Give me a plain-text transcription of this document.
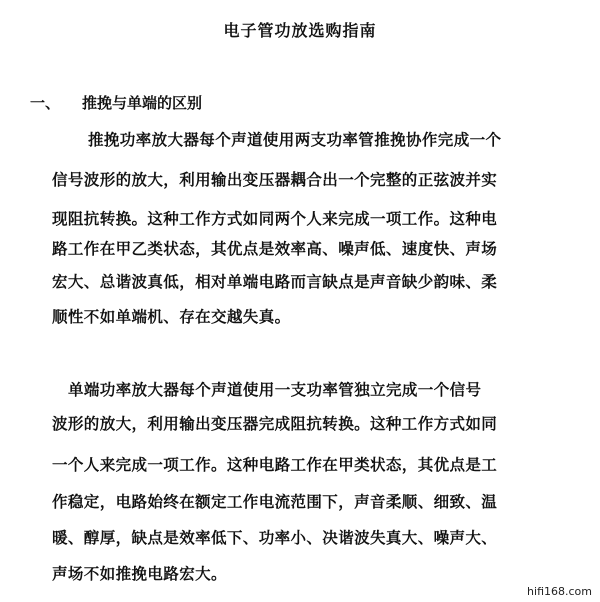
电子管功放选购指南
一、 推挽与单端的区别
推挽功率放大器每个声道使用两支功率管推挽协作完成一个
信号波形的放大，利用输出变压器耦合出一个完整的正弦波并实
现阻抗转换。这种工作方式如同两个人来完成一项工作。这种电
路工作在甲乙类状态，其优点是效率高、噪声低、速度快、声场
宏大、总谐波真低，相对单端电路而言缺点是声音缺少韵味、柔
顺性不如单端机、存在交越失真。
单端功率放大器每个声道使用一支功率管独立完成一个信号
波形的放大，利用输出变压器完成阻抗转换。这种工作方式如同
一个人来完成一项工作。这种电路工作在甲类状态，其优点是工
作稳定，电路始终在额定工作电流范围下，声音柔顺、细致、温
暖、醇厚，缺点是效率低下、功率小、决谐波失真大、噪声大、
声场不如推挽电路宏大。
hifi168.com
